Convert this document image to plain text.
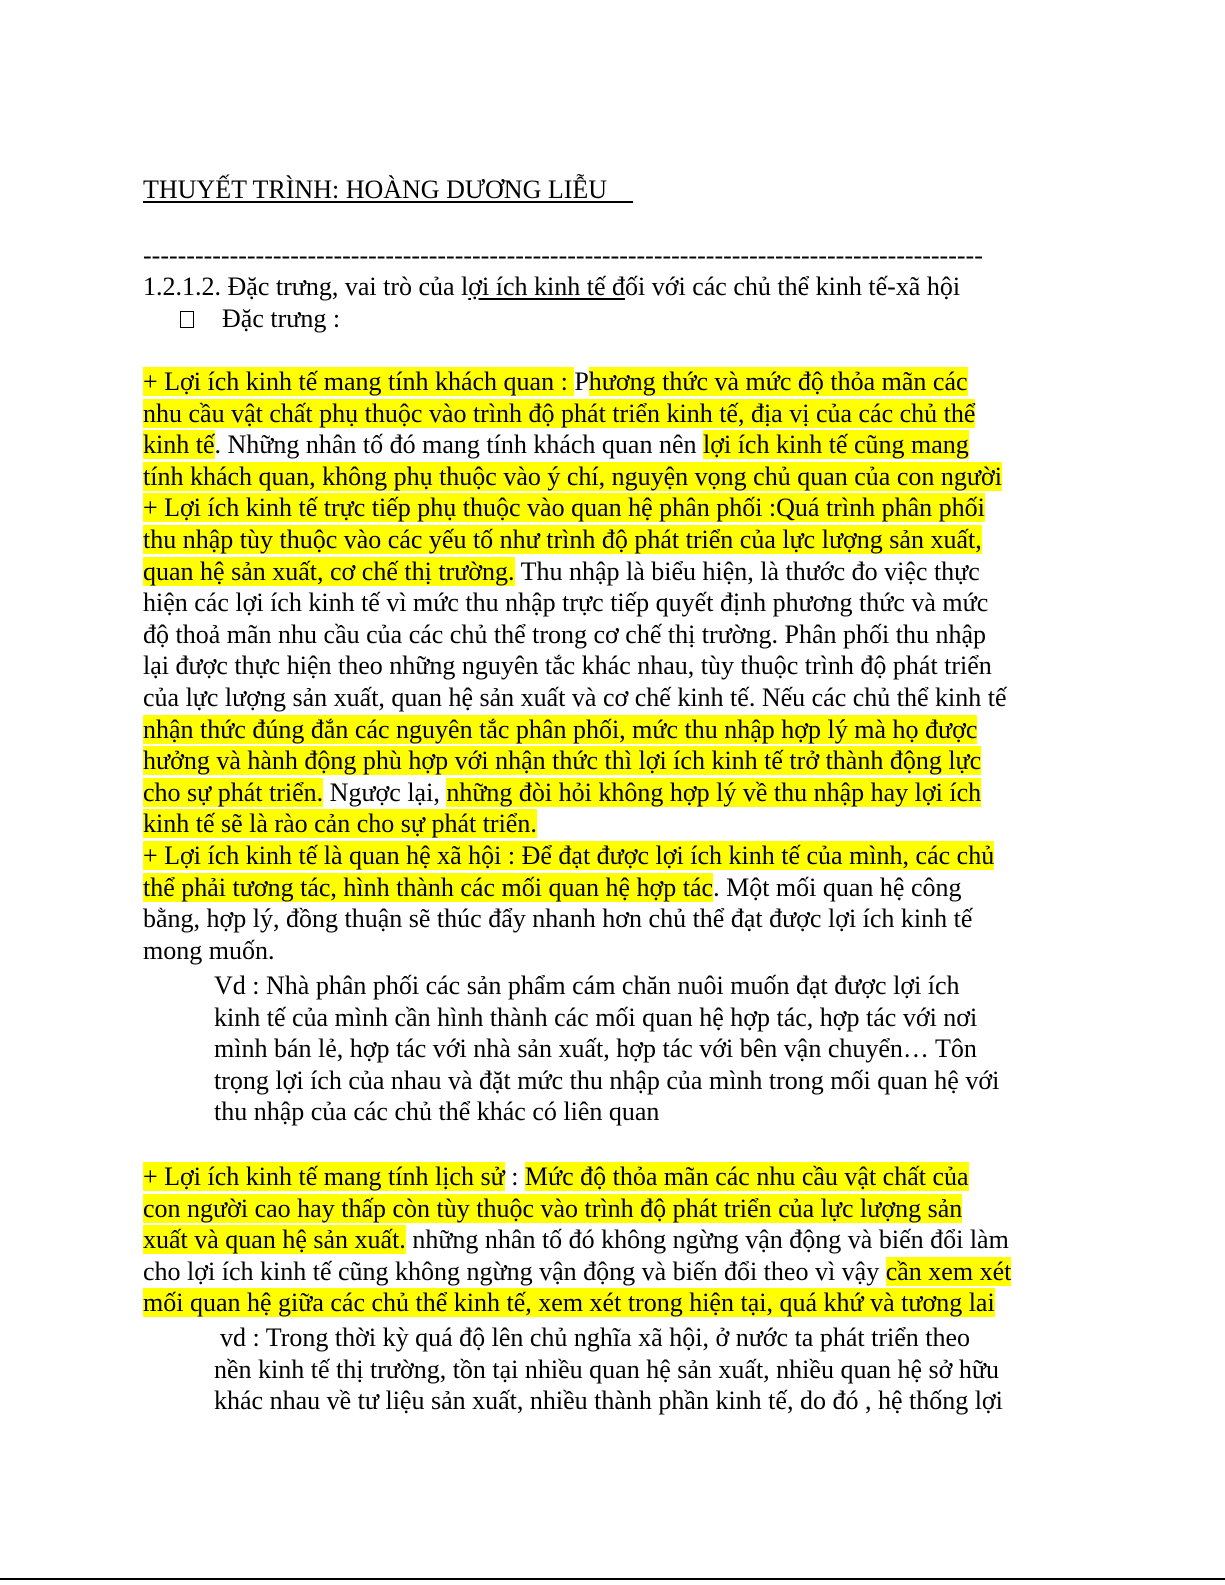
THUYẾT TRÌNH: HOÀNG DƯƠNG LIỄU
-------------------------------------------------------------------------------------------------
1.2.1.2. Đặc trưng, vai trò của lợi ích kinh tế đối với các chủ thể kinh tế-xã hội
Đặc trưng :
+ Lợi ích kinh tế mang tính khách quan : Phương thức và mức độ thỏa mãn các
nhu cầu vật chất phụ thuộc vào trình độ phát triển kinh tế, địa vị của các chủ thể
kinh tế. Những nhân tố đó mang tính khách quan nên lợi ích kinh tế cũng mang
tính khách quan, không phụ thuộc vào ý chí, nguyện vọng chủ quan của con người
+ Lợi ích kinh tế trực tiếp phụ thuộc vào quan hệ phân phối :Quá trình phân phối
thu nhập tùy thuộc vào các yếu tố như trình độ phát triển của lực lượng sản xuất,
quan hệ sản xuất, cơ chế thị trường. Thu nhập là biểu hiện, là thước đo việc thực
hiện các lợi ích kinh tế vì mức thu nhập trực tiếp quyết định phương thức và mức
độ thoả mãn nhu cầu của các chủ thể trong cơ chế thị trường. Phân phối thu nhập
lại được thực hiện theo những nguyên tắc khác nhau, tùy thuộc trình độ phát triển
của lực lượng sản xuất, quan hệ sản xuất và cơ chế kinh tế. Nếu các chủ thể kinh tế
nhận thức đúng đắn các nguyên tắc phân phối, mức thu nhập hợp lý mà họ được
hưởng và hành động phù hợp với nhận thức thì lợi ích kinh tế trở thành động lực
cho sự phát triển. Ngược lại, những đòi hỏi không hợp lý về thu nhập hay lợi ích
kinh tế sẽ là rào cản cho sự phát triển.
+ Lợi ích kinh tế là quan hệ xã hội : Để đạt được lợi ích kinh tế của mình, các chủ
thể phải tương tác, hình thành các mối quan hệ hợp tác. Một mối quan hệ công
bằng, hợp lý, đồng thuận sẽ thúc đẩy nhanh hơn chủ thể đạt được lợi ích kinh tế
mong muốn.
Vd : Nhà phân phối các sản phẩm cám chăn nuôi muốn đạt được lợi ích
kinh tế của mình cần hình thành các mối quan hệ hợp tác, hợp tác với nơi
mình bán lẻ, hợp tác với nhà sản xuất, hợp tác với bên vận chuyển… Tôn
trọng lợi ích của nhau và đặt mức thu nhập của mình trong mối quan hệ với
thu nhập của các chủ thể khác có liên quan
+ Lợi ích kinh tế mang tính lịch sử : Mức độ thỏa mãn các nhu cầu vật chất của
con người cao hay thấp còn tùy thuộc vào trình độ phát triển của lực lượng sản
xuất và quan hệ sản xuất. những nhân tố đó không ngừng vận động và biến đổi làm
cho lợi ích kinh tế cũng không ngừng vận động và biến đổi theo vì vậy cần xem xét
mối quan hệ giữa các chủ thể kinh tế, xem xét trong hiện tại, quá khứ và tương lai
vd : Trong thời kỳ quá độ lên chủ nghĩa xã hội, ở nước ta phát triển theo
nền kinh tế thị trường, tồn tại nhiều quan hệ sản xuất, nhiều quan hệ sở hữu
khác nhau về tư liệu sản xuất, nhiều thành phần kinh tế, do đó , hệ thống lợi
